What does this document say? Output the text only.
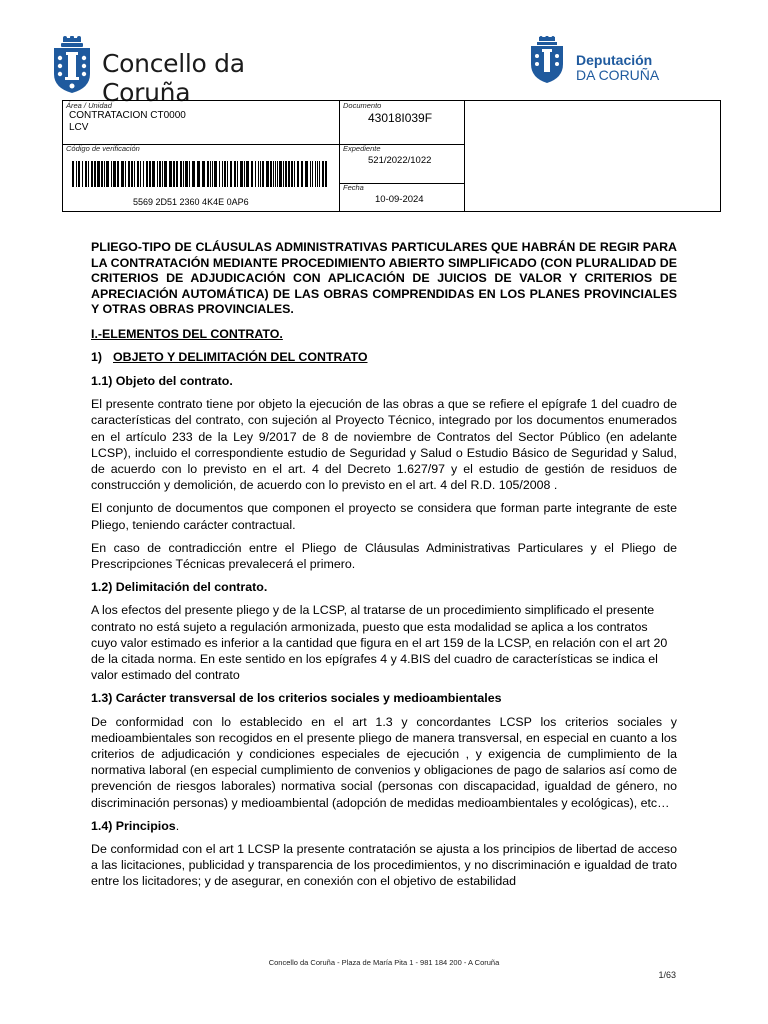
Concello da Coruña
Deputación
DA CORUÑA
Área / Unidad
CONTRATACION CT0000
LCV
Documento
43018I039F
Código de verificación
5569 2D51 2360 4K4E 0AP6
Expediente
521/2022/1022
Fecha
10-09-2024

PLIEGO-TIPO DE CLÁUSULAS ADMINISTRATIVAS PARTICULARES QUE HABRÁN DE REGIR PARA LA CONTRATACIÓN MEDIANTE PROCEDIMIENTO ABIERTO SIMPLIFICADO (CON PLURALIDAD DE CRITERIOS DE ADJUDICACIÓN CON APLICACIÓN DE JUICIOS DE VALOR Y CRITERIOS DE APRECIACIÓN AUTOMÁTICA) DE LAS OBRAS COMPRENDIDAS EN LOS PLANES PROVINCIALES Y OTRAS OBRAS PROVINCIALES.

I.-ELEMENTOS DEL CONTRATO.

1) OBJETO Y DELIMITACIÓN DEL CONTRATO

1.1) Objeto del contrato.

El presente contrato tiene por objeto la ejecución de las obras a que se refiere el epígrafe 1 del cuadro de características del contrato, con sujeción al Proyecto Técnico, integrado por los documentos enumerados en el artículo 233 de la Ley 9/2017 de 8 de noviembre de Contratos del Sector Público (en adelante LCSP), incluido el correspondiente estudio de Seguridad y Salud o Estudio Básico de Seguridad y Salud, de acuerdo con lo previsto en el art. 4 del Decreto 1.627/97 y el estudio de gestión de residuos de construcción y demolición, de acuerdo con lo previsto en el art. 4 del R.D. 105/2008 .

El conjunto de documentos que componen el proyecto se considera que forman parte integrante de este Pliego, teniendo carácter contractual.

En caso de contradicción entre el Pliego de Cláusulas Administrativas Particulares y el Pliego de Prescripciones Técnicas prevalecerá el primero.

1.2) Delimitación del contrato.

A los efectos del presente pliego y de la LCSP, al tratarse de un procedimiento simplificado el presente contrato no está sujeto a regulación armonizada, puesto que esta modalidad se aplica a los contratos cuyo valor estimado es inferior a la cantidad que figura en el art 159 de la LCSP, en relación con el art 20 de la citada norma. En este sentido en los epígrafes 4 y 4.BIS del cuadro de características se indica el valor estimado del contrato

1.3) Carácter transversal de los criterios sociales y medioambientales

De conformidad con lo establecido en el art 1.3 y concordantes LCSP los criterios sociales y medioambientales son recogidos en el presente pliego de manera transversal, en especial en cuanto a los criterios de adjudicación y condiciones especiales de ejecución , y exigencia de cumplimiento de la normativa laboral (en especial cumplimiento de convenios y obligaciones de pago de salarios así como de prevención de riesgos laborales) normativa social (personas con discapacidad, igualdad de género, no discriminación personas) y medioambiental (adopción de medidas medioambientales y ecológicas), etc…

1.4) Principios.

De conformidad con el art 1 LCSP la presente contratación se ajusta a los principios de libertad de acceso a las licitaciones, publicidad y transparencia de los procedimientos, y no discriminación e igualdad de trato entre los licitadores; y de asegurar, en conexión con el objetivo de estabilidad

Concello da Coruña - Plaza de María Pita 1 - 981 184 200 - A Coruña
1/63
